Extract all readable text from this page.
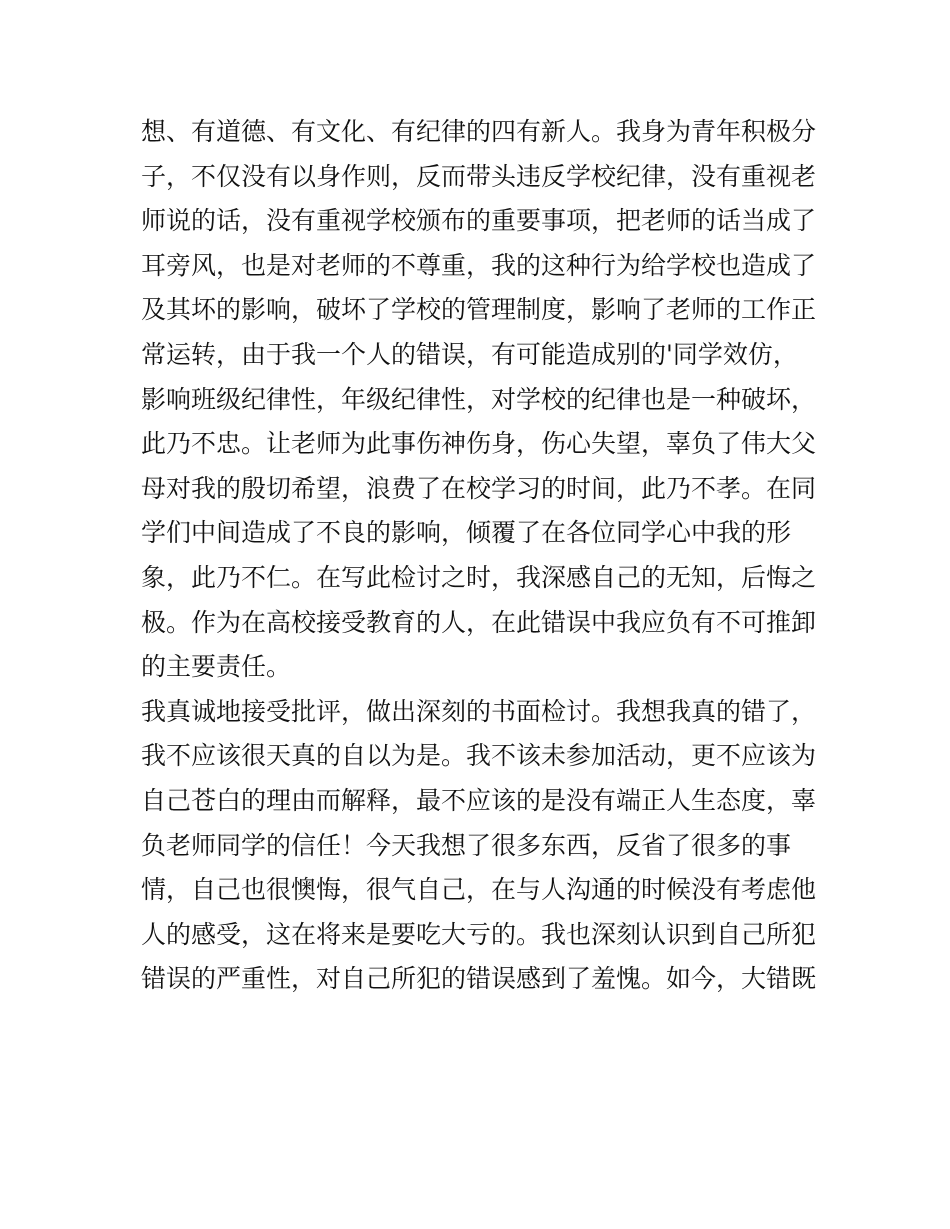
想、有道德、有文化、有纪律的四有新人。我身为青年积极分
子，不仅没有以身作则，反而带头违反学校纪律，没有重视老
师说的话，没有重视学校颁布的重要事项，把老师的话当成了
耳旁风，也是对老师的不尊重，我的这种行为给学校也造成了
及其坏的影响，破坏了学校的管理制度，影响了老师的工作正
常运转，由于我一个人的错误，有可能造成别的'同学效仿，
影响班级纪律性，年级纪律性，对学校的纪律也是一种破坏，
此乃不忠。让老师为此事伤神伤身，伤心失望，辜负了伟大父
母对我的殷切希望，浪费了在校学习的时间，此乃不孝。在同
学们中间造成了不良的影响，倾覆了在各位同学心中我的形
象，此乃不仁。在写此检讨之时，我深感自己的无知，后悔之
极。作为在高校接受教育的人，在此错误中我应负有不可推卸
的主要责任。
我真诚地接受批评，做出深刻的书面检讨。我想我真的错了，
我不应该很天真的自以为是。我不该未参加活动，更不应该为
自己苍白的理由而解释，最不应该的是没有端正人生态度，辜
负老师同学的信任！今天我想了很多东西，反省了很多的事
情，自己也很懊悔，很气自己，在与人沟通的时候没有考虑他
人的感受，这在将来是要吃大亏的。我也深刻认识到自己所犯
错误的严重性，对自己所犯的错误感到了羞愧。如今，大错既
